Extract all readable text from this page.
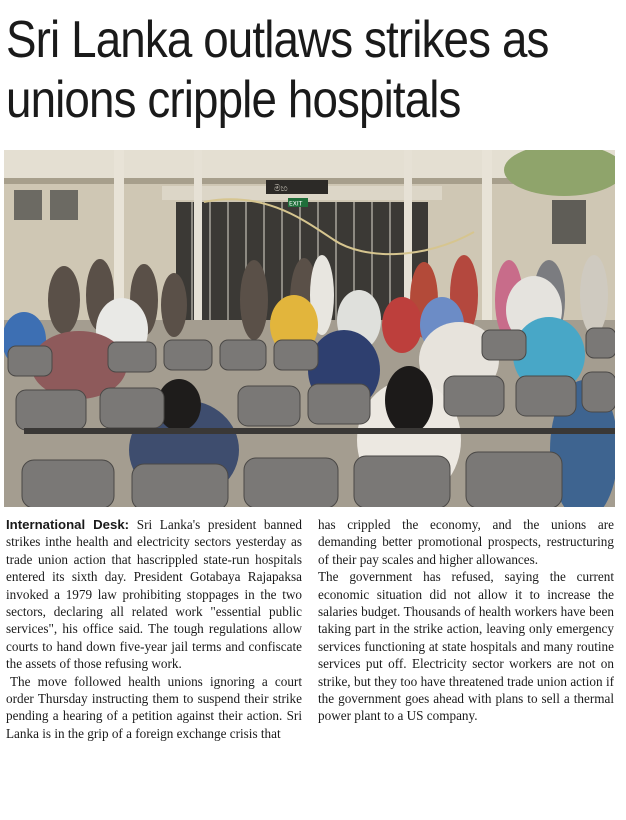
Sri Lanka outlaws strikes as
unions cripple hospitals
මහ
EXIT

International Desk: Sri Lanka's president banned strikes inthe health and electricity sectors yesterday as trade union action that hascrippled state-run hospitals entered its sixth day. President Gotabaya Rajapaksa invoked a 1979 law prohibiting stoppages in the two sectors, declaring all related work "essential public services", his office said. The tough regulations allow courts to hand down five-year jail terms and confiscate the assets of those refusing work.

The move followed health unions ignoring a court order Thursday instructing them to suspend their strike pending a hearing of a petition against their action. Sri Lanka is in the grip of a foreign exchange crisis that

has crippled the economy, and the unions are demanding better promotional prospects, restructuring of their pay scales and higher allowances.

The government has refused, saying the current economic situation did not allow it to increase the salaries budget. Thousands of health workers have been taking part in the strike action, leaving only emergency services functioning at state hospitals and many routine services put off. Electricity sector workers are not on strike, but they too have threatened trade union action if the government goes ahead with plans to sell a thermal power plant to a US company.
